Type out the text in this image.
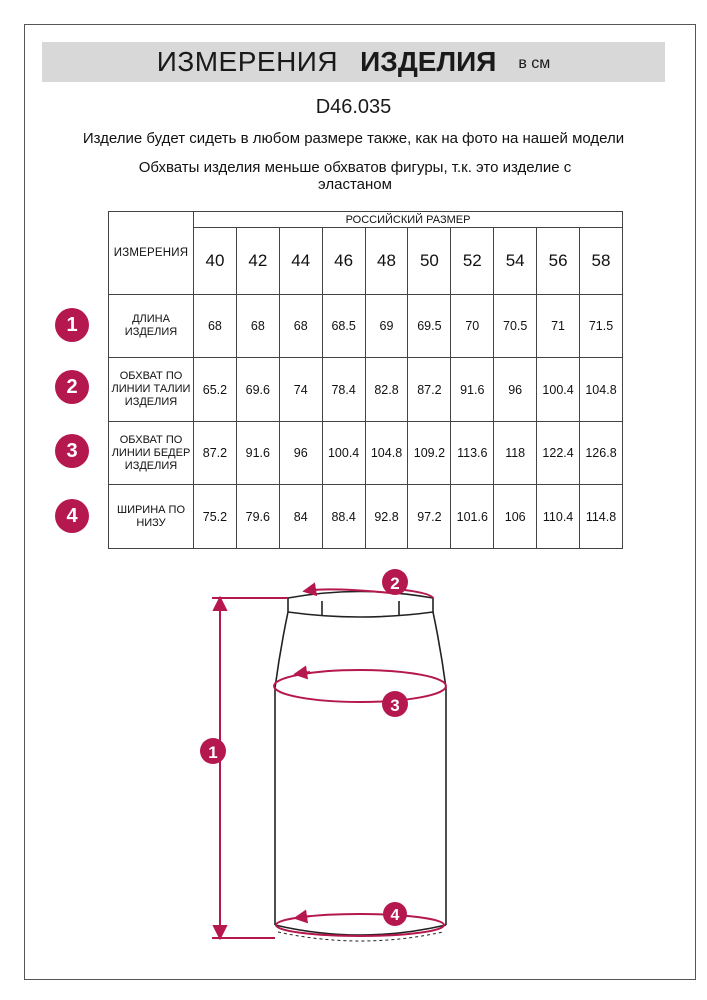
ИЗМЕРЕНИЯ ИЗДЕЛИЯ в см
D46.035
Изделие будет сидеть в любом размере также, как на фото на нашей модели
Обхваты изделия меньше обхватов фигуры, т.к. это изделие с эластаном
ИЗМЕРЕНИЯ	РОССИЙСКИЙ РАЗМЕР									
	40	42	44	46	48	50	52	54	56	58
ДЛИНА ИЗДЕЛИЯ	68	68	68	68.5	69	69.5	70	70.5	71	71.5
ОБХВАТ ПО ЛИНИИ ТАЛИИ ИЗДЕЛИЯ	65.2	69.6	74	78.4	82.8	87.2	91.6	96	100.4	104.8
ОБХВАТ ПО ЛИНИИ БЕДЕР ИЗДЕЛИЯ	87.2	91.6	96	100.4	104.8	109.2	113.6	118	122.4	126.8
ШИРИНА ПО НИЗУ	75.2	79.6	84	88.4	92.8	97.2	101.6	106	110.4	114.8
1
2
3
4
2
3
1
4
